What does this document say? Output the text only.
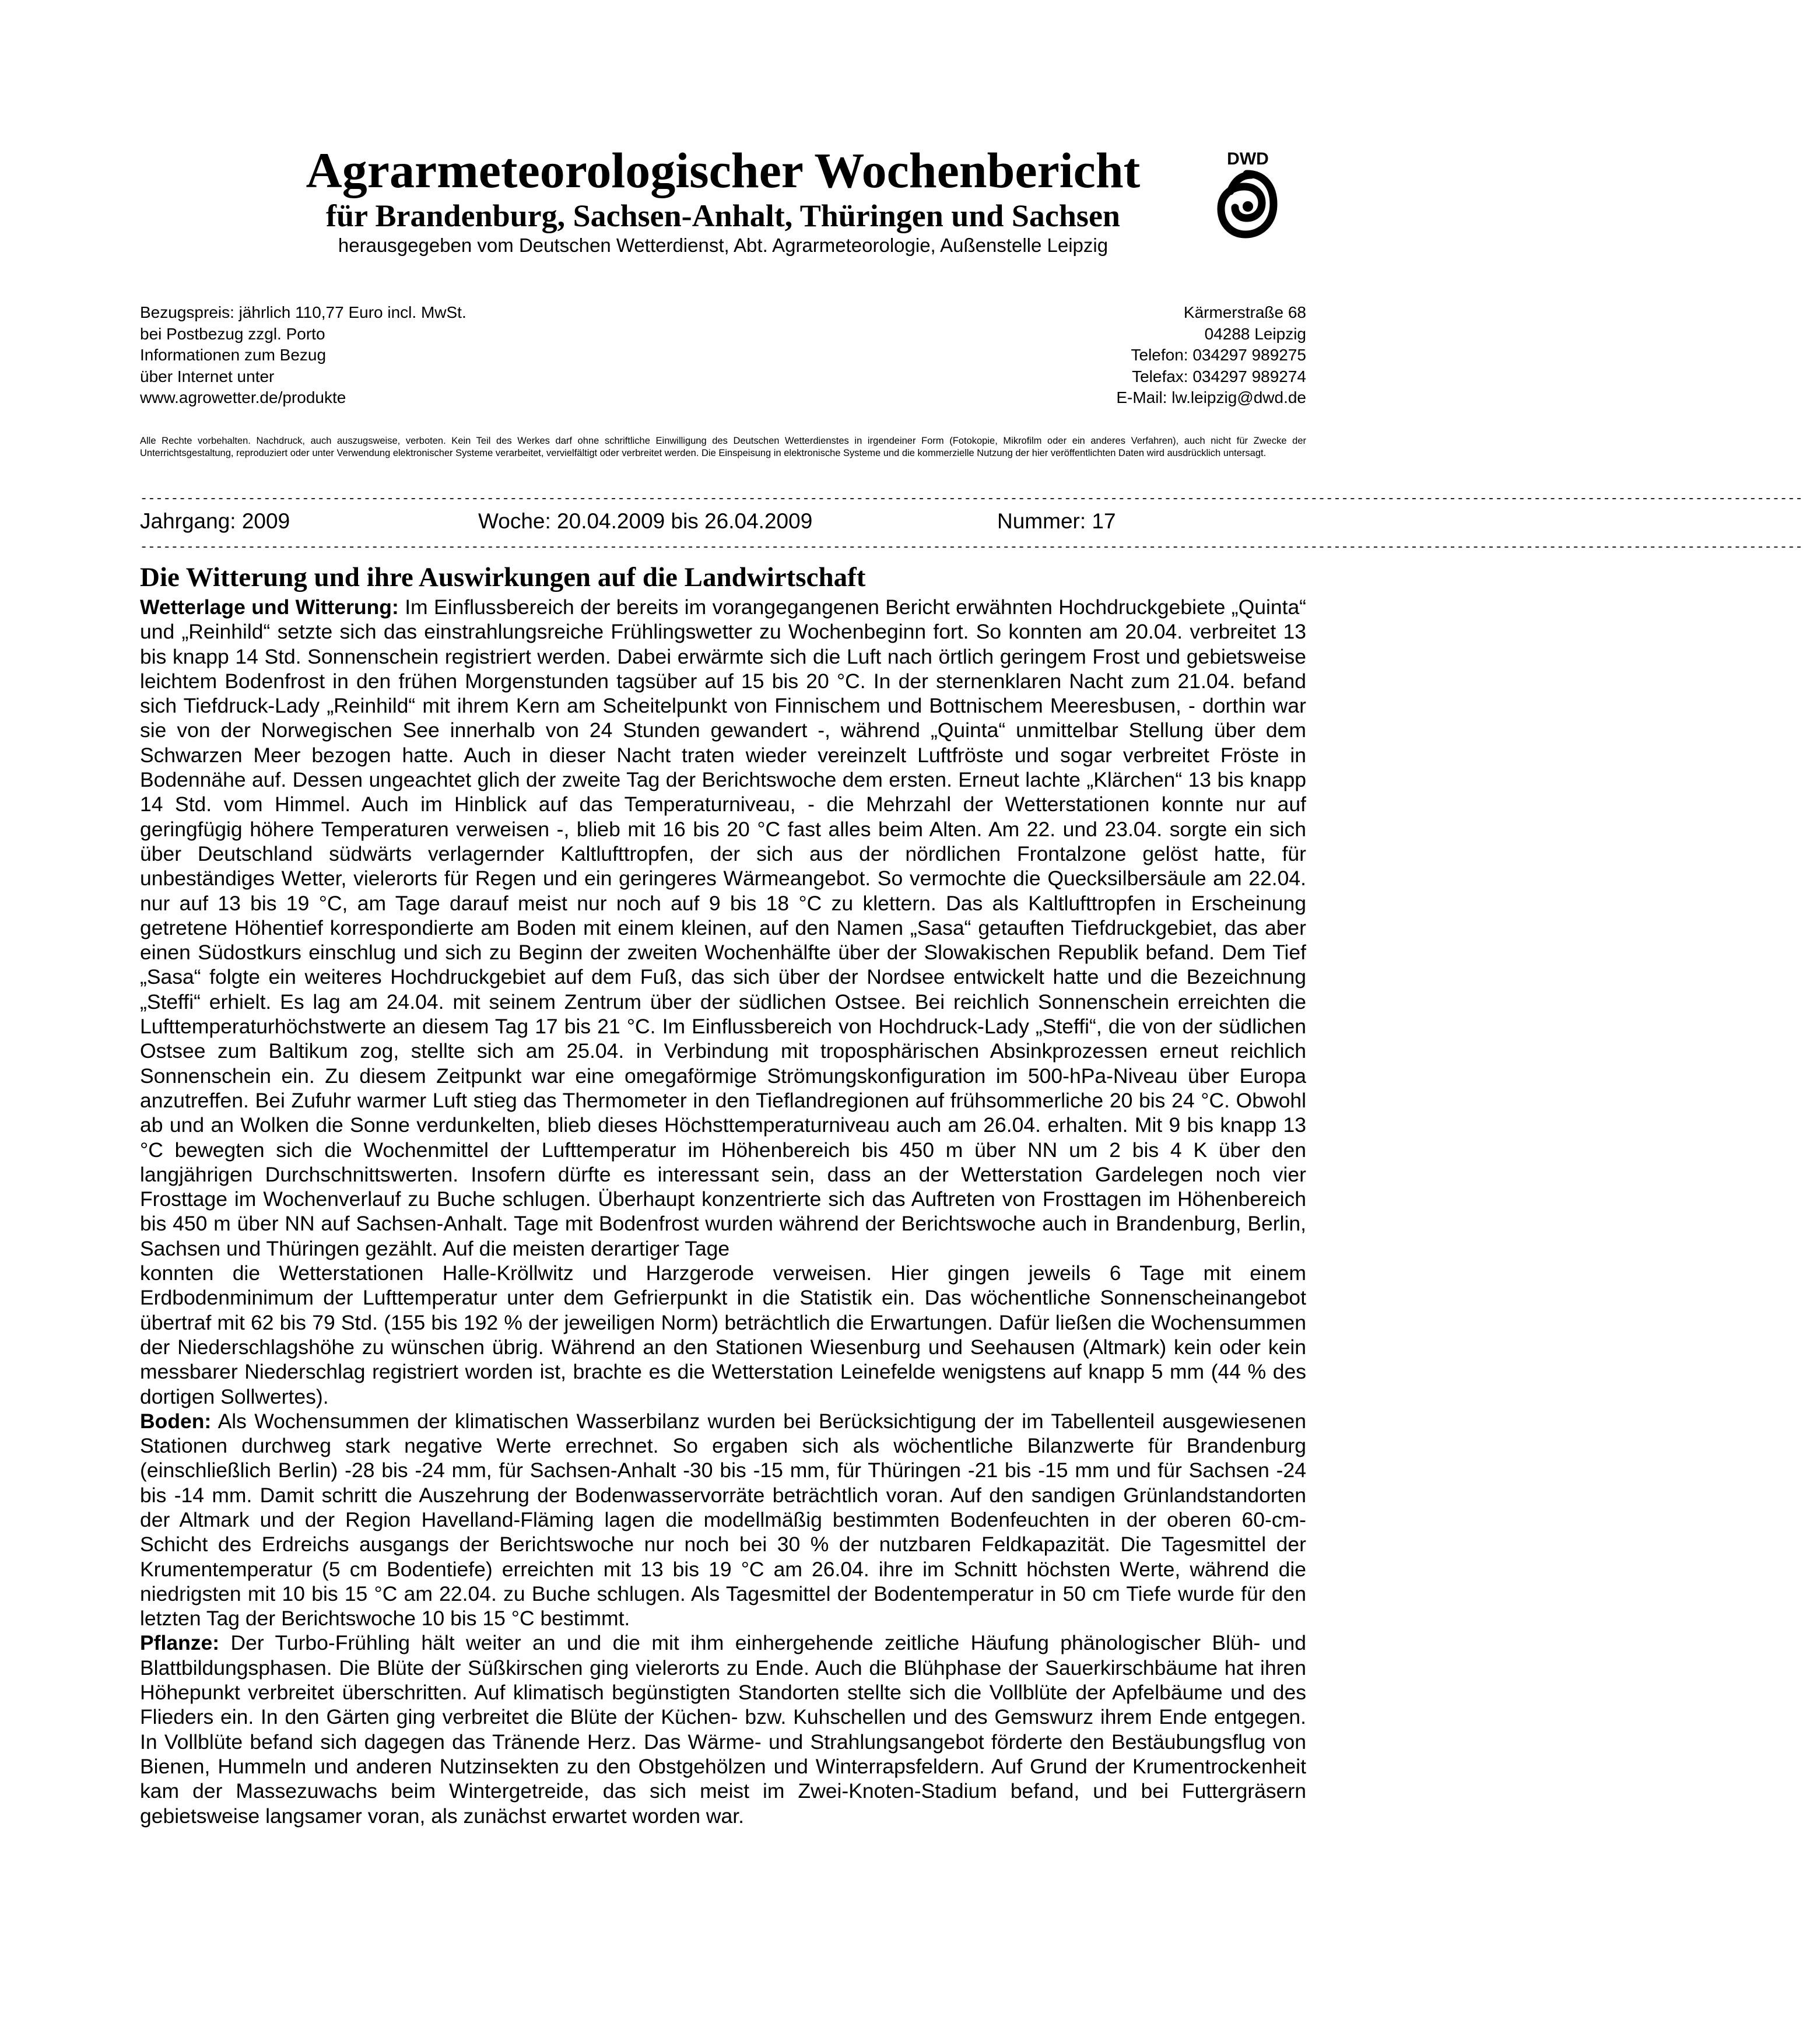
Agrarmeteorologischer Wochenbericht
für Brandenburg, Sachsen-Anhalt, Thüringen und Sachsen
herausgegeben vom Deutschen Wetterdienst, Abt. Agrarmeteorologie, Außenstelle Leipzig
DWD
Bezugspreis: jährlich 110,77 Euro incl. MwSt.
bei Postbezug zzgl. Porto
Informationen zum Bezug
über Internet unter
www.agrowetter.de/produkte
Kärmerstraße 68
04288 Leipzig
Telefon: 034297 989275
Telefax: 034297 989274
E-Mail: lw.leipzig@dwd.de
Alle Rechte vorbehalten. Nachdruck, auch auszugsweise, verboten. Kein Teil des Werkes darf ohne schriftliche Einwilligung des Deutschen Wetterdienstes in irgendeiner Form (Fotokopie, Mikrofilm oder ein anderes Verfahren), auch nicht für Zwecke der Unterrichtsgestaltung, reproduziert oder unter Verwendung elektronischer Systeme verarbeitet, vervielfältigt oder verbreitet werden. Die Einspeisung in elektronische Systeme und die kommerzielle Nutzung der hier veröffentlichten Daten wird ausdrücklich untersagt.
------------------------------------------------------------------------------------------------------------------------------------------------------------------------------------------------------------------------
Jahrgang: 2009	Woche: 20.04.2009 bis 26.04.2009	Nummer: 17
------------------------------------------------------------------------------------------------------------------------------------------------------------------------------------------------------------------------
Die Witterung und ihre Auswirkungen auf die Landwirtschaft

Wetterlage und Witterung: Im Einflussbereich der bereits im vorangegangenen Bericht erwähnten Hochdruckgebiete „Quinta“ und „Reinhild“ setzte sich das einstrahlungsreiche Frühlingswetter zu Wochenbeginn fort. So konnten am 20.04. verbreitet 13 bis knapp 14 Std. Sonnenschein registriert werden. Dabei erwärmte sich die Luft nach örtlich geringem Frost und gebietsweise leichtem Bodenfrost in den frühen Morgenstunden tagsüber auf 15 bis 20 °C. In der sternenklaren Nacht zum 21.04. befand sich Tiefdruck-Lady „Reinhild“ mit ihrem Kern am Scheitelpunkt von Finnischem und Bottnischem Meeresbusen, - dorthin war sie von der Norwegischen See innerhalb von 24 Stunden gewandert -, während „Quinta“ unmittelbar Stellung über dem Schwarzen Meer bezogen hatte. Auch in dieser Nacht traten wieder vereinzelt Luftfröste und sogar verbreitet Fröste in Bodennähe auf. Dessen ungeachtet glich der zweite Tag der Berichtswoche dem ersten. Erneut lachte „Klärchen“ 13 bis knapp 14 Std. vom Himmel. Auch im Hinblick auf das Temperaturniveau, - die Mehrzahl der Wetterstationen konnte nur auf geringfügig höhere Temperaturen verweisen -, blieb mit 16 bis 20 °C fast alles beim Alten. Am 22. und 23.04. sorgte ein sich über Deutschland südwärts verlagernder Kaltlufttropfen, der sich aus der nördlichen Frontalzone gelöst hatte, für unbeständiges Wetter, vielerorts für Regen und ein geringeres Wärmeangebot. So vermochte die Quecksilbersäule am 22.04. nur auf 13 bis 19 °C, am Tage darauf meist nur noch auf 9 bis 18 °C zu klettern. Das als Kaltlufttropfen in Erscheinung getretene Höhentief korrespondierte am Boden mit einem kleinen, auf den Namen „Sasa“ getauften Tiefdruckgebiet, das aber einen Südostkurs einschlug und sich zu Beginn der zweiten Wochenhälfte über der Slowakischen Republik befand. Dem Tief „Sasa“ folgte ein weiteres Hochdruckgebiet auf dem Fuß, das sich über der Nordsee entwickelt hatte und die Bezeichnung „Steffi“ erhielt. Es lag am 24.04. mit seinem Zentrum über der südlichen Ostsee. Bei reichlich Sonnenschein erreichten die Lufttemperaturhöchstwerte an diesem Tag 17 bis 21 °C. Im Einflussbereich von Hochdruck-Lady „Steffi“, die von der südlichen Ostsee zum Baltikum zog, stellte sich am 25.04. in Verbindung mit troposphärischen Absinkprozessen erneut reichlich Sonnenschein ein. Zu diesem Zeitpunkt war eine omegaförmige Strömungskonfiguration im 500-hPa-Niveau über Europa anzutreffen. Bei Zufuhr warmer Luft stieg das Thermometer in den Tieflandregionen auf frühsommerliche 20 bis 24 °C. Obwohl ab und an Wolken die Sonne verdunkelten, blieb dieses Höchsttemperaturniveau auch am 26.04. erhalten. Mit 9 bis knapp 13 °C bewegten sich die Wochenmittel der Lufttemperatur im Höhenbereich bis 450 m über NN um 2 bis 4 K über den langjährigen Durchschnittswerten. Insofern dürfte es interessant sein, dass an der Wetterstation Gardelegen noch vier Frosttage im Wochenverlauf zu Buche schlugen. Überhaupt konzentrierte sich das Auftreten von Frosttagen im Höhenbereich bis 450 m über NN auf Sachsen-Anhalt. Tage mit Bodenfrost wurden während der Berichtswoche auch in Brandenburg, Berlin, Sachsen und Thüringen gezählt. Auf die meisten derartiger Tage

konnten die Wetterstationen Halle-Kröllwitz und Harzgerode verweisen. Hier gingen jeweils 6 Tage mit einem Erdbodenminimum der Lufttemperatur unter dem Gefrierpunkt in die Statistik ein. Das wöchentliche Sonnenscheinangebot übertraf mit 62 bis 79 Std. (155 bis 192 % der jeweiligen Norm) beträchtlich die Erwartungen. Dafür ließen die Wochensummen der Niederschlagshöhe zu wünschen übrig. Während an den Stationen Wiesenburg und Seehausen (Altmark) kein oder kein messbarer Niederschlag registriert worden ist, brachte es die Wetterstation Leinefelde wenigstens auf knapp 5 mm (44 % des dortigen Sollwertes).

Boden: Als Wochensummen der klimatischen Wasserbilanz wurden bei Berücksichtigung der im Tabellenteil ausgewiesenen Stationen durchweg stark negative Werte errechnet. So ergaben sich als wöchentliche Bilanzwerte für Brandenburg (einschließlich Berlin) -28 bis -24 mm, für Sachsen-Anhalt -30 bis -15 mm, für Thüringen -21 bis -15 mm und für Sachsen -24 bis -14 mm. Damit schritt die Auszehrung der Bodenwasservorräte beträchtlich voran. Auf den sandigen Grünlandstandorten der Altmark und der Region Havelland-Fläming lagen die modellmäßig bestimmten Bodenfeuchten in der oberen 60-cm-Schicht des Erdreichs ausgangs der Berichtswoche nur noch bei 30 % der nutzbaren Feldkapazität. Die Tagesmittel der Krumentemperatur (5 cm Bodentiefe) erreichten mit 13 bis 19 °C am 26.04. ihre im Schnitt höchsten Werte, während die niedrigsten mit 10 bis 15 °C am 22.04. zu Buche schlugen. Als Tagesmittel der Bodentemperatur in 50 cm Tiefe wurde für den letzten Tag der Berichtswoche 10 bis 15 °C bestimmt.

Pflanze: Der Turbo-Frühling hält weiter an und die mit ihm einhergehende zeitliche Häufung phänologischer Blüh- und Blattbildungsphasen. Die Blüte der Süßkirschen ging vielerorts zu Ende. Auch die Blühphase der Sauerkirschbäume hat ihren Höhepunkt verbreitet überschritten. Auf klimatisch begünstigten Standorten stellte sich die Vollblüte der Apfelbäume und des Flieders ein. In den Gärten ging verbreitet die Blüte der Küchen- bzw. Kuhschellen und des Gemswurz ihrem Ende entgegen. In Vollblüte befand sich dagegen das Tränende Herz. Das Wärme- und Strahlungsangebot förderte den Bestäubungsflug von Bienen, Hummeln und anderen Nutzinsekten zu den Obstgehölzen und Winterrapsfeldern. Auf Grund der Krumentrockenheit kam der Massezuwachs beim Wintergetreide, das sich meist im Zwei-Knoten-Stadium befand, und bei Futtergräsern gebietsweise langsamer voran, als zunächst erwartet worden war.
